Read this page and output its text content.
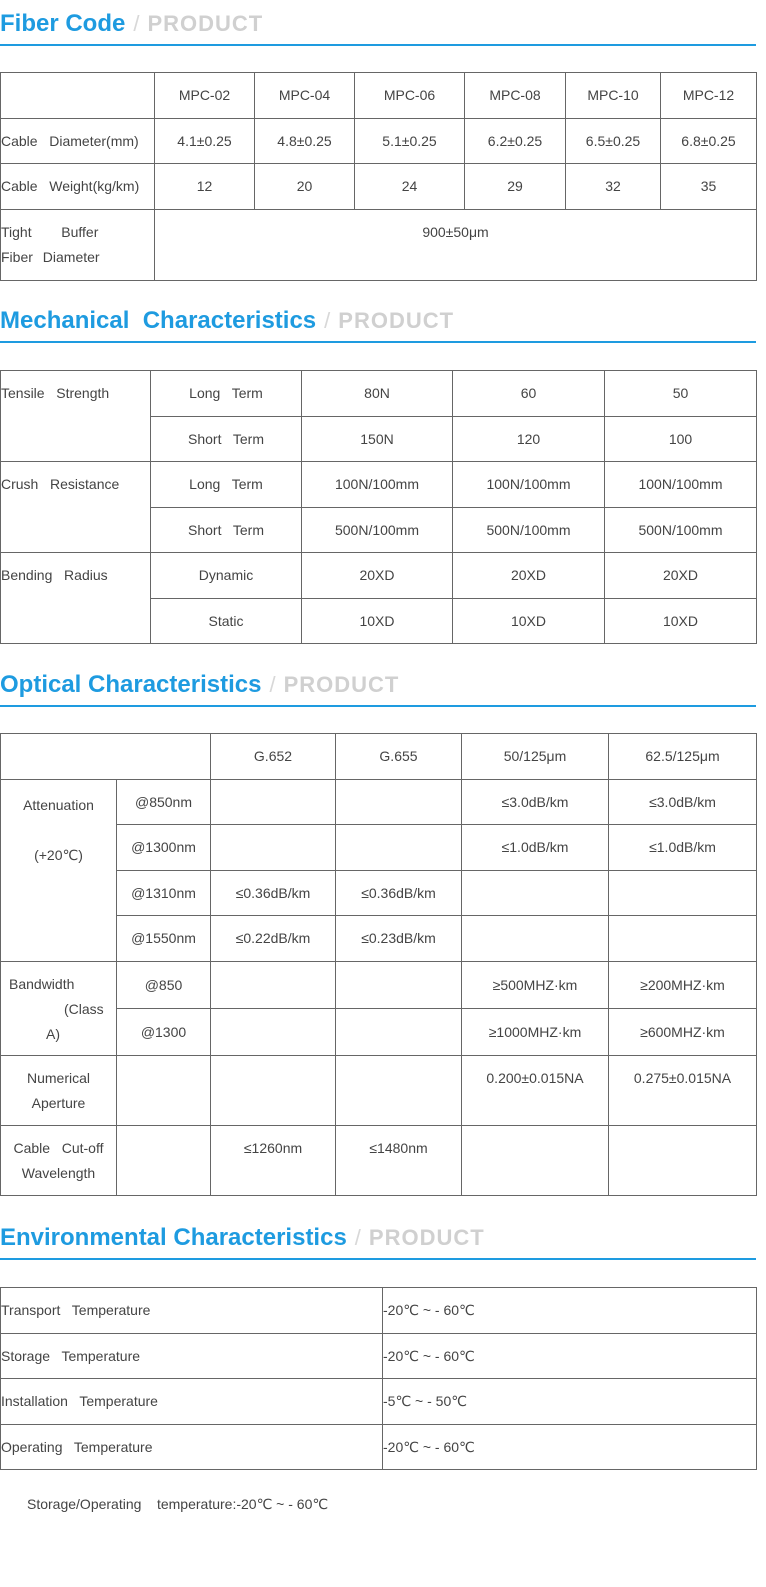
Fiber Code / PRODUCT
	MPC-02	MPC-04	MPC-06	MPC-08	MPC-10	MPC-12
Cable   Diameter(mm)	4.1±0.25	4.8±0.25	5.1±0.25	6.2±0.25	6.5±0.25	6.8±0.25
Cable   Weight(kg/km)	12	20	24	29	32	35
Tight   Buffer   Fiber Diameter	900±50μm					
Mechanical  Characteristics / PRODUCT
Tensile   Strength	Long   Term	80N	60	50
	Short   Term	150N	120	100
Crush   Resistance	Long   Term	100N/100mm	100N/100mm	100N/100mm
	Short   Term	500N/100mm	500N/100mm	500N/100mm
Bending   Radius	Dynamic	20XD	20XD	20XD
	Static	10XD	10XD	10XD
Optical Characteristics / PRODUCT
		G.652	G.655	50/125μm	62.5/125μm

Attenuation
(+20℃)	@850nm			≤3.0dB/km	≤3.0dB/km
	@1300nm			≤1.0dB/km	≤1.0dB/km
	@1310nm	≤0.36dB/km	≤0.36dB/km		
	@1550nm	≤0.22dB/km	≤0.23dB/km		

Bandwidth
(Class
A)	@850			≥500MHZ·km	≥200MHZ·km
	@1300			≥1000MHZ·km	≥600MHZ·km

Numerical
Aperture				0.200±0.015NA	0.275±0.015NA

Cable   Cut-off
Wavelength		≤1260nm	≤1480nm		
Environmental Characteristics / PRODUCT
Transport   Temperature	-20℃ ~ - 60℃
Storage   Temperature	-20℃ ~ - 60℃
Installation   Temperature	-5℃ ~ - 50℃
Operating   Temperature	-20℃ ~ - 60℃
Storage/Operating    temperature:-20℃ ~ - 60℃
